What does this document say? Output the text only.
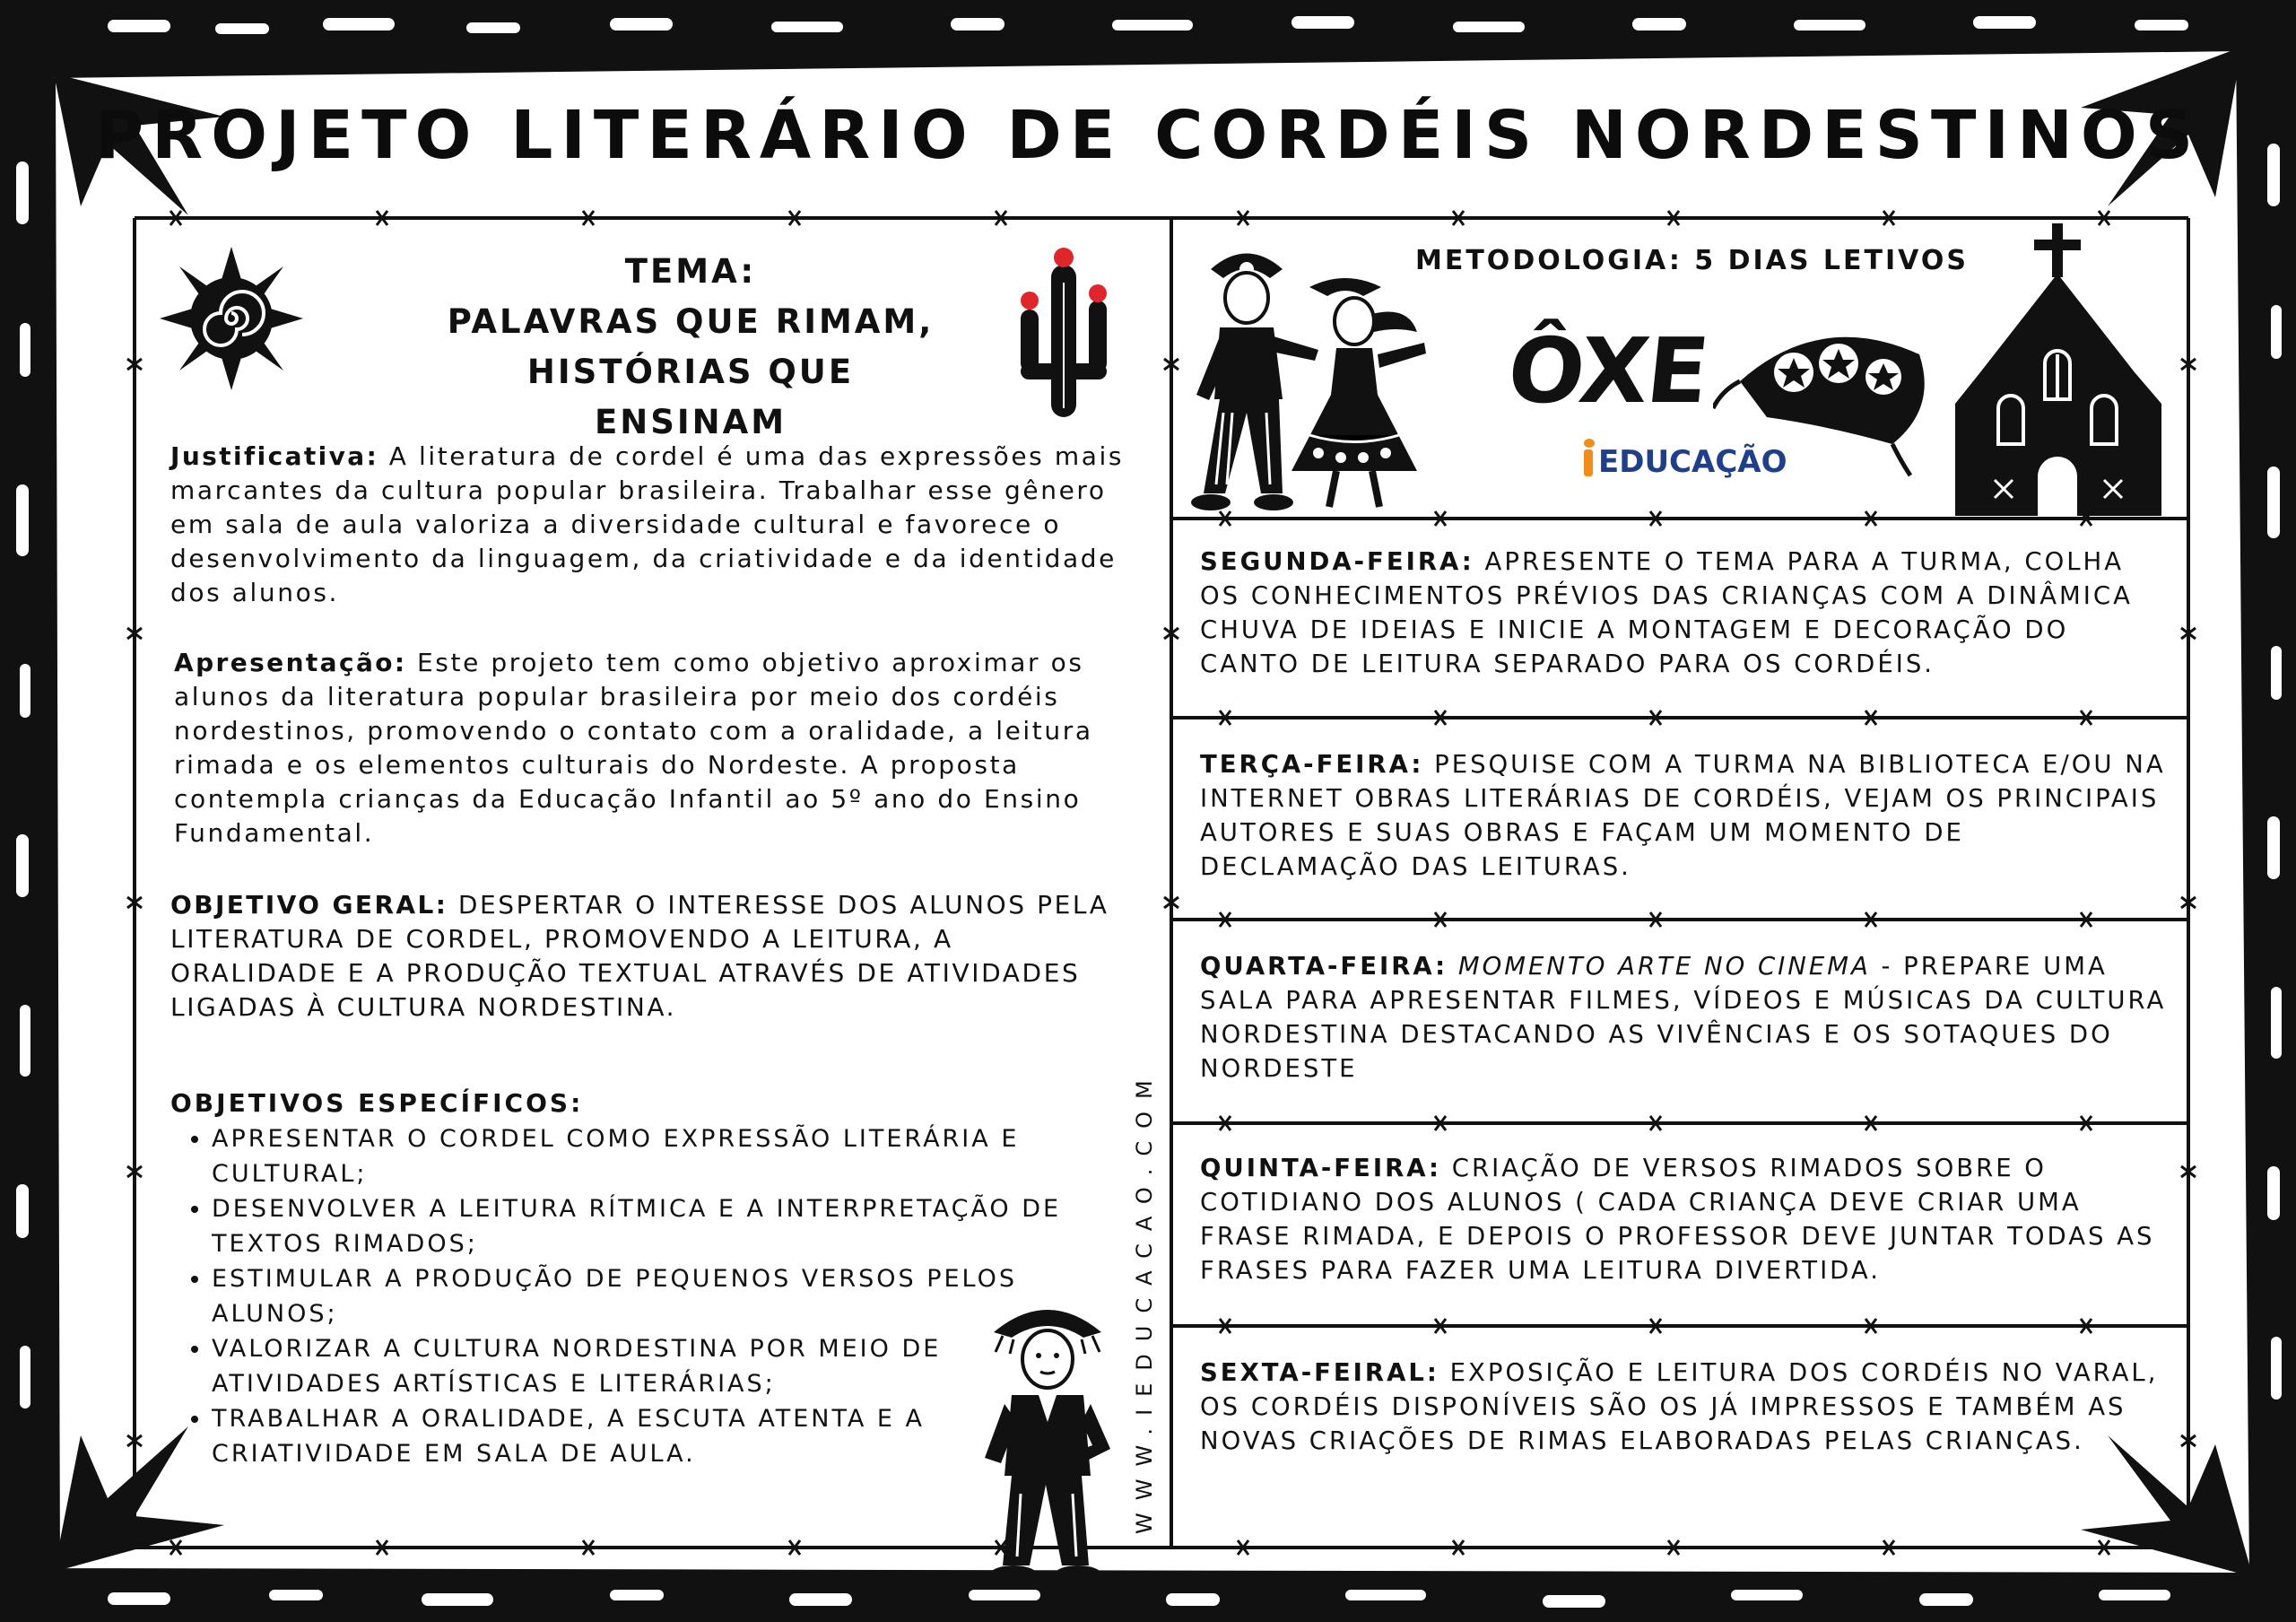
PROJETO LITERÁRIO DE CORDÉIS NORDESTINOS
TEMA:
PALAVRAS QUE RIMAM,
HISTÓRIAS QUE ENSINAM
Justificativa: A literatura de cordel é uma das expressões mais marcantes da cultura popular brasileira. Trabalhar esse gênero em sala de aula valoriza a diversidade cultural e favorece o desenvolvimento da linguagem, da criatividade e da identidade dos alunos.
Apresentação: Este projeto tem como objetivo aproximar os alunos da literatura popular brasileira por meio dos cordéis nordestinos, promovendo o contato com a oralidade, a leitura rimada e os elementos culturais do Nordeste. A proposta contempla crianças da Educação Infantil ao 5º ano do Ensino Fundamental.
OBJETIVO GERAL: DESPERTAR O INTERESSE DOS ALUNOS PELA LITERATURA DE CORDEL, PROMOVENDO A LEITURA, A ORALIDADE E A PRODUÇÃO TEXTUAL ATRAVÉS DE ATIVIDADES LIGADAS À CULTURA NORDESTINA.
OBJETIVOS ESPECÍFICOS:
• APRESENTAR O CORDEL COMO EXPRESSÃO LITERÁRIA E CULTURAL;
• DESENVOLVER A LEITURA RÍTMICA E A INTERPRETAÇÃO DE TEXTOS RIMADOS;
• ESTIMULAR A PRODUÇÃO DE PEQUENOS VERSOS PELOS ALUNOS;
• VALORIZAR A CULTURA NORDESTINA POR MEIO DE ATIVIDADES ARTÍSTICAS E LITERÁRIAS;
• TRABALHAR A ORALIDADE, A ESCUTA ATENTA E A CRIATIVIDADE EM SALA DE AULA.	WWW.IEDUCACAO.COM
METODOLOGIA: 5 DIAS LETIVOS
ÔXE
EDUCAÇÃO
SEGUNDA-FEIRA: APRESENTE O TEMA PARA A TURMA, COLHA OS CONHECIMENTOS PRÉVIOS DAS CRIANÇAS COM A DINÂMICA CHUVA DE IDEIAS E INICIE A MONTAGEM E DECORAÇÃO DO CANTO DE LEITURA SEPARADO PARA OS CORDÉIS.
TERÇA-FEIRA: PESQUISE COM A TURMA NA BIBLIOTECA E/OU NA INTERNET OBRAS LITERÁRIAS DE CORDÉIS, VEJAM OS PRINCIPAIS AUTORES E SUAS OBRAS E FAÇAM UM MOMENTO DE DECLAMAÇÃO DAS LEITURAS.
QUARTA-FEIRA: MOMENTO ARTE NO CINEMA - PREPARE UMA SALA PARA APRESENTAR FILMES, VÍDEOS E MÚSICAS DA CULTURA NORDESTINA DESTACANDO AS VIVÊNCIAS E OS SOTAQUES DO NORDESTE
QUINTA-FEIRA: CRIAÇÃO DE VERSOS RIMADOS SOBRE O COTIDIANO DOS ALUNOS ( CADA CRIANÇA DEVE CRIAR UMA FRASE RIMADA, E DEPOIS O PROFESSOR DEVE JUNTAR TODAS AS FRASES PARA FAZER UMA LEITURA DIVERTIDA.
SEXTA-FEIRAL: EXPOSIÇÃO E LEITURA DOS CORDÉIS NO VARAL, OS CORDÉIS DISPONÍVEIS SÃO OS JÁ IMPRESSOS E TAMBÉM AS NOVAS CRIAÇÕES DE RIMAS ELABORADAS PELAS CRIANÇAS.
